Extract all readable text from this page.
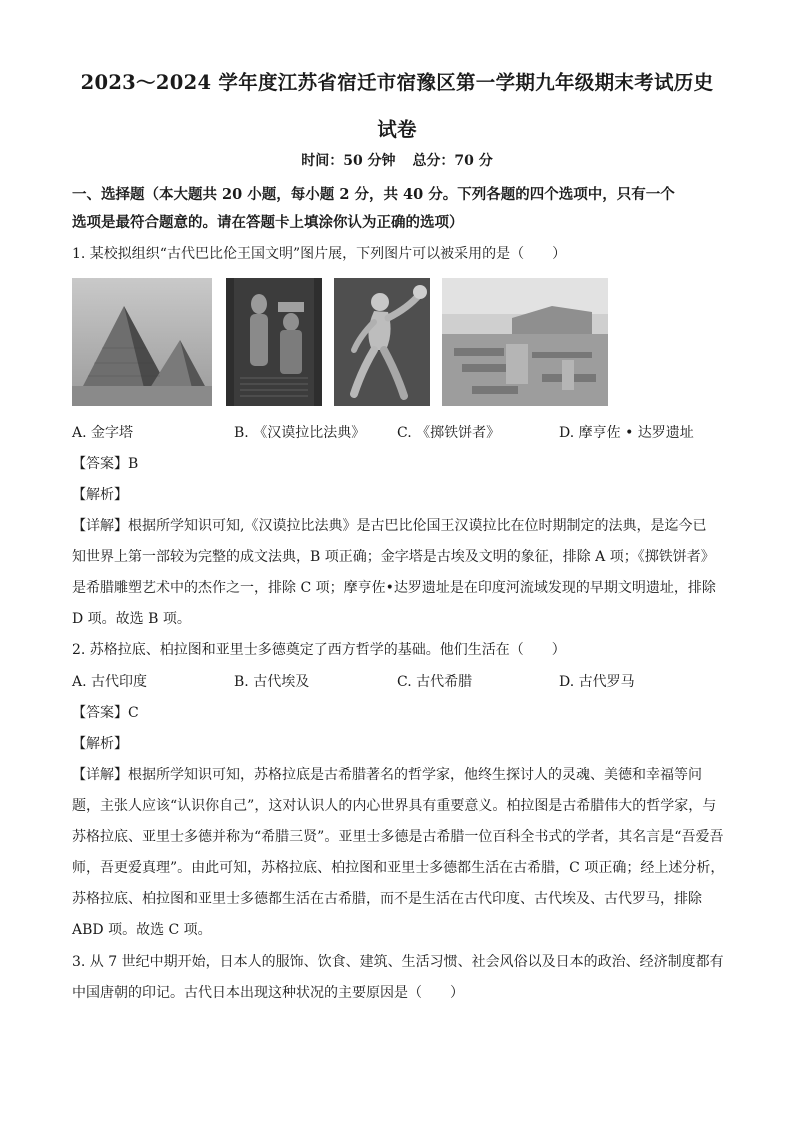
2023～2024 学年度江苏省宿迁市宿豫区第一学期九年级期末考试历史
试卷
时间：50 分钟 总分：70 分
一、选择题（本大题共 20 小题，每小题 2 分，共 40 分。下列各题的四个选项中，只有一个
选项是最符合题意的。请在答题卡上填涂你认为正确的选项）
1. 某校拟组织“古代巴比伦王国文明”图片展，下列图片可以被采用的是（　　）
A. 金字塔	B. 《汉谟拉比法典》 C. 《掷铁饼者》	D. 摩亨佐 • 达罗遗址
【答案】B
【解析】
【详解】根据所学知识可知,《汉谟拉比法典》是古巴比伦国王汉谟拉比在位时期制定的法典，是迄今已
知世界上第一部较为完整的成文法典，B 项正确；金字塔是古埃及文明的象征，排除 A 项；《掷铁饼者》
是希腊雕塑艺术中的杰作之一，排除 C 项；摩亨佐•达罗遗址是在印度河流域发现的早期文明遗址，排除
D 项。故选 B 项。
2. 苏格拉底、柏拉图和亚里士多德奠定了西方哲学的基础。他们生活在（　　）
A. 古代印度	B. 古代埃及	C. 古代希腊	D. 古代罗马
【答案】C
【解析】
【详解】根据所学知识可知，苏格拉底是古希腊著名的哲学家，他终生探讨人的灵魂、美德和幸福等问
题，主张人应该“认识你自己”，这对认识人的内心世界具有重要意义。柏拉图是古希腊伟大的哲学家，与
苏格拉底、亚里士多德并称为“希腊三贤”。亚里士多德是古希腊一位百科全书式的学者，其名言是“吾爱吾
师，吾更爱真理”。由此可知，苏格拉底、柏拉图和亚里士多德都生活在古希腊，C 项正确；经上述分析，
苏格拉底、柏拉图和亚里士多德都生活在古希腊，而不是生活在古代印度、古代埃及、古代罗马，排除
ABD 项。故选 C 项。
3. 从 7 世纪中期开始，日本人的服饰、饮食、建筑、生活习惯、社会风俗以及日本的政治、经济制度都有
中国唐朝的印记。古代日本出现这种状况的主要原因是（　　）
